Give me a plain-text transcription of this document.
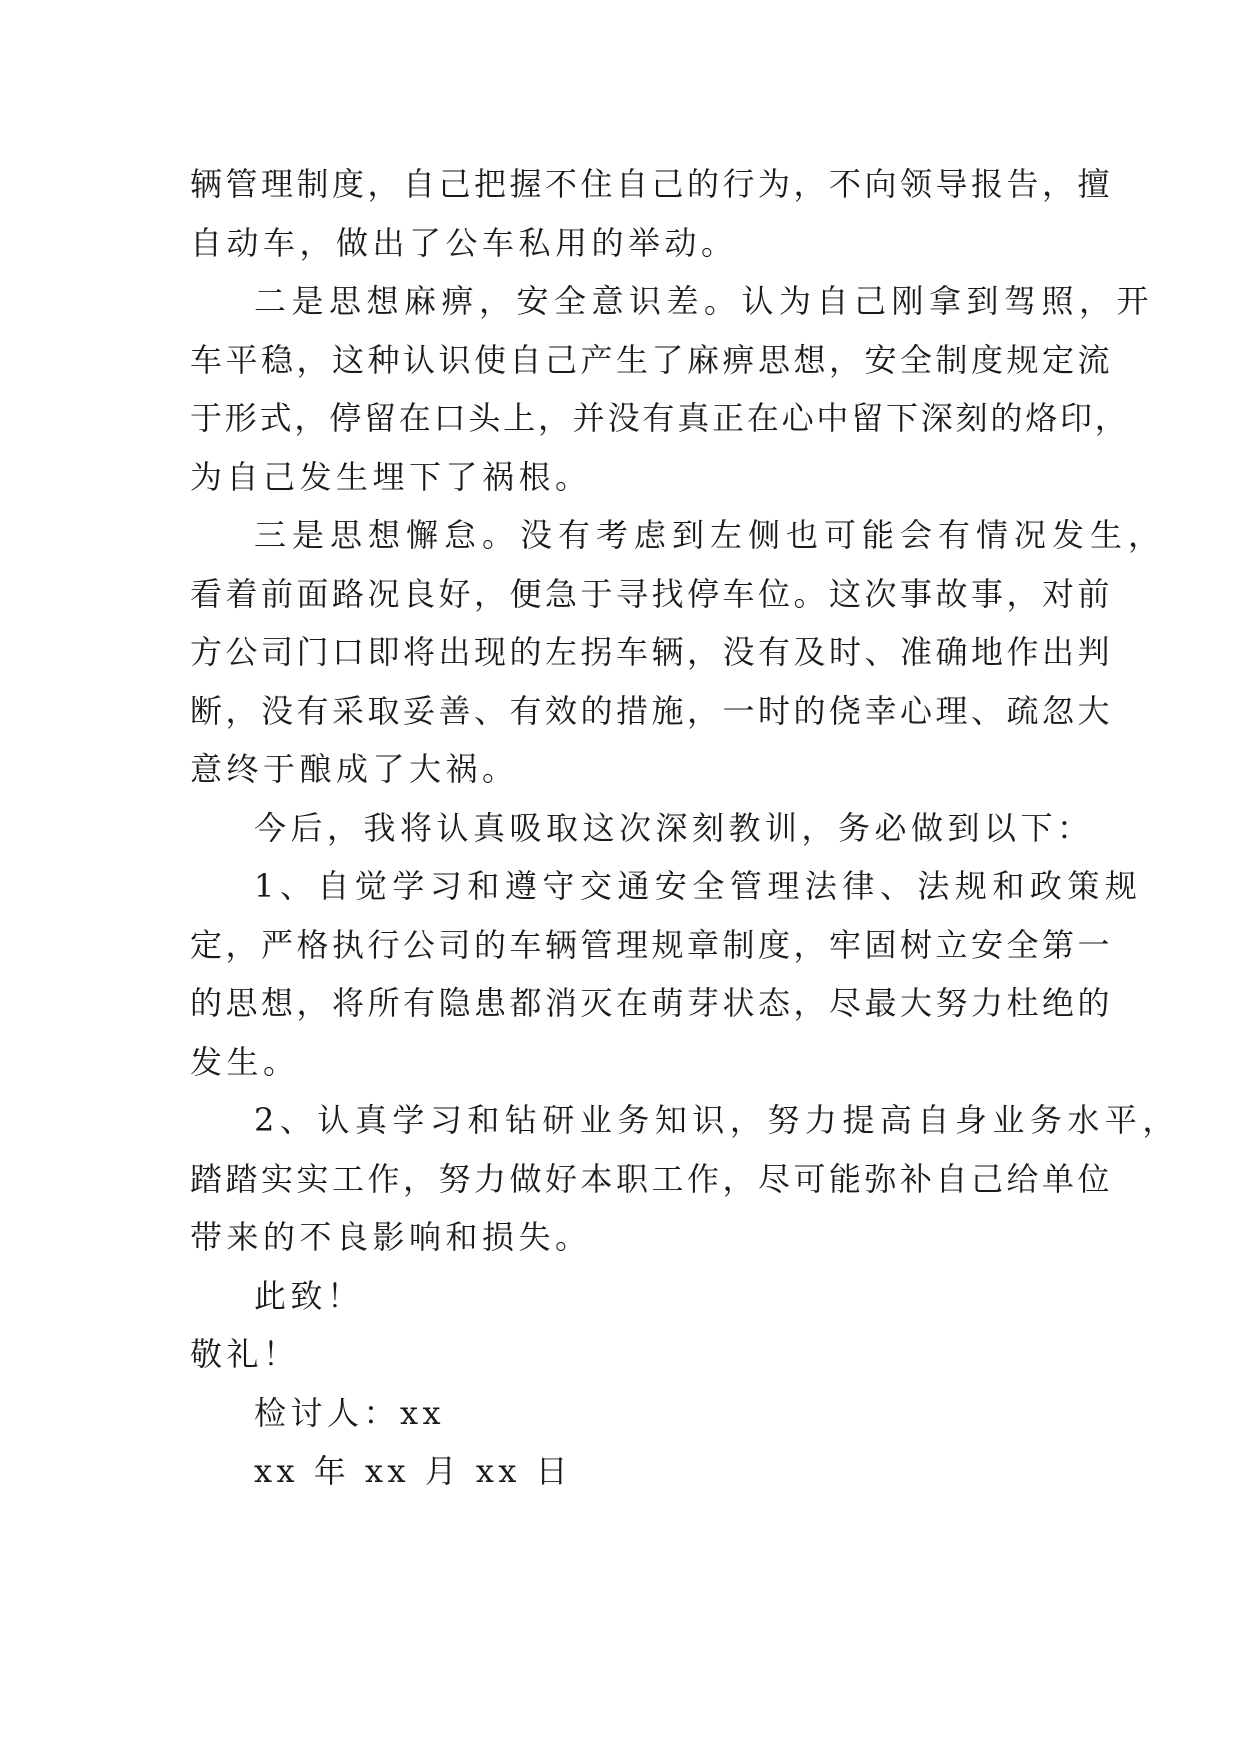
辆管理制度，自己把握不住自己的行为，不向领导报告，擅

自动车，做出了公车私用的举动。

二是思想麻痹，安全意识差。认为自己刚拿到驾照，开

车平稳，这种认识使自己产生了麻痹思想，安全制度规定流

于形式，停留在口头上，并没有真正在心中留下深刻的烙印，

为自己发生埋下了祸根。

三是思想懈怠。没有考虑到左侧也可能会有情况发生，

看着前面路况良好，便急于寻找停车位。这次事故事，对前

方公司门口即将出现的左拐车辆，没有及时、准确地作出判

断，没有采取妥善、有效的措施，一时的侥幸心理、疏忽大

意终于酿成了大祸。

今后，我将认真吸取这次深刻教训，务必做到以下：

1、自觉学习和遵守交通安全管理法律、法规和政策规

定，严格执行公司的车辆管理规章制度，牢固树立安全第一

的思想，将所有隐患都消灭在萌芽状态，尽最大努力杜绝的

发生。

2、认真学习和钻研业务知识，努力提高自身业务水平，

踏踏实实工作，努力做好本职工作，尽可能弥补自己给单位

带来的不良影响和损失。

此致！

敬礼！

检讨人：xx

xx 年 xx 月 xx 日
